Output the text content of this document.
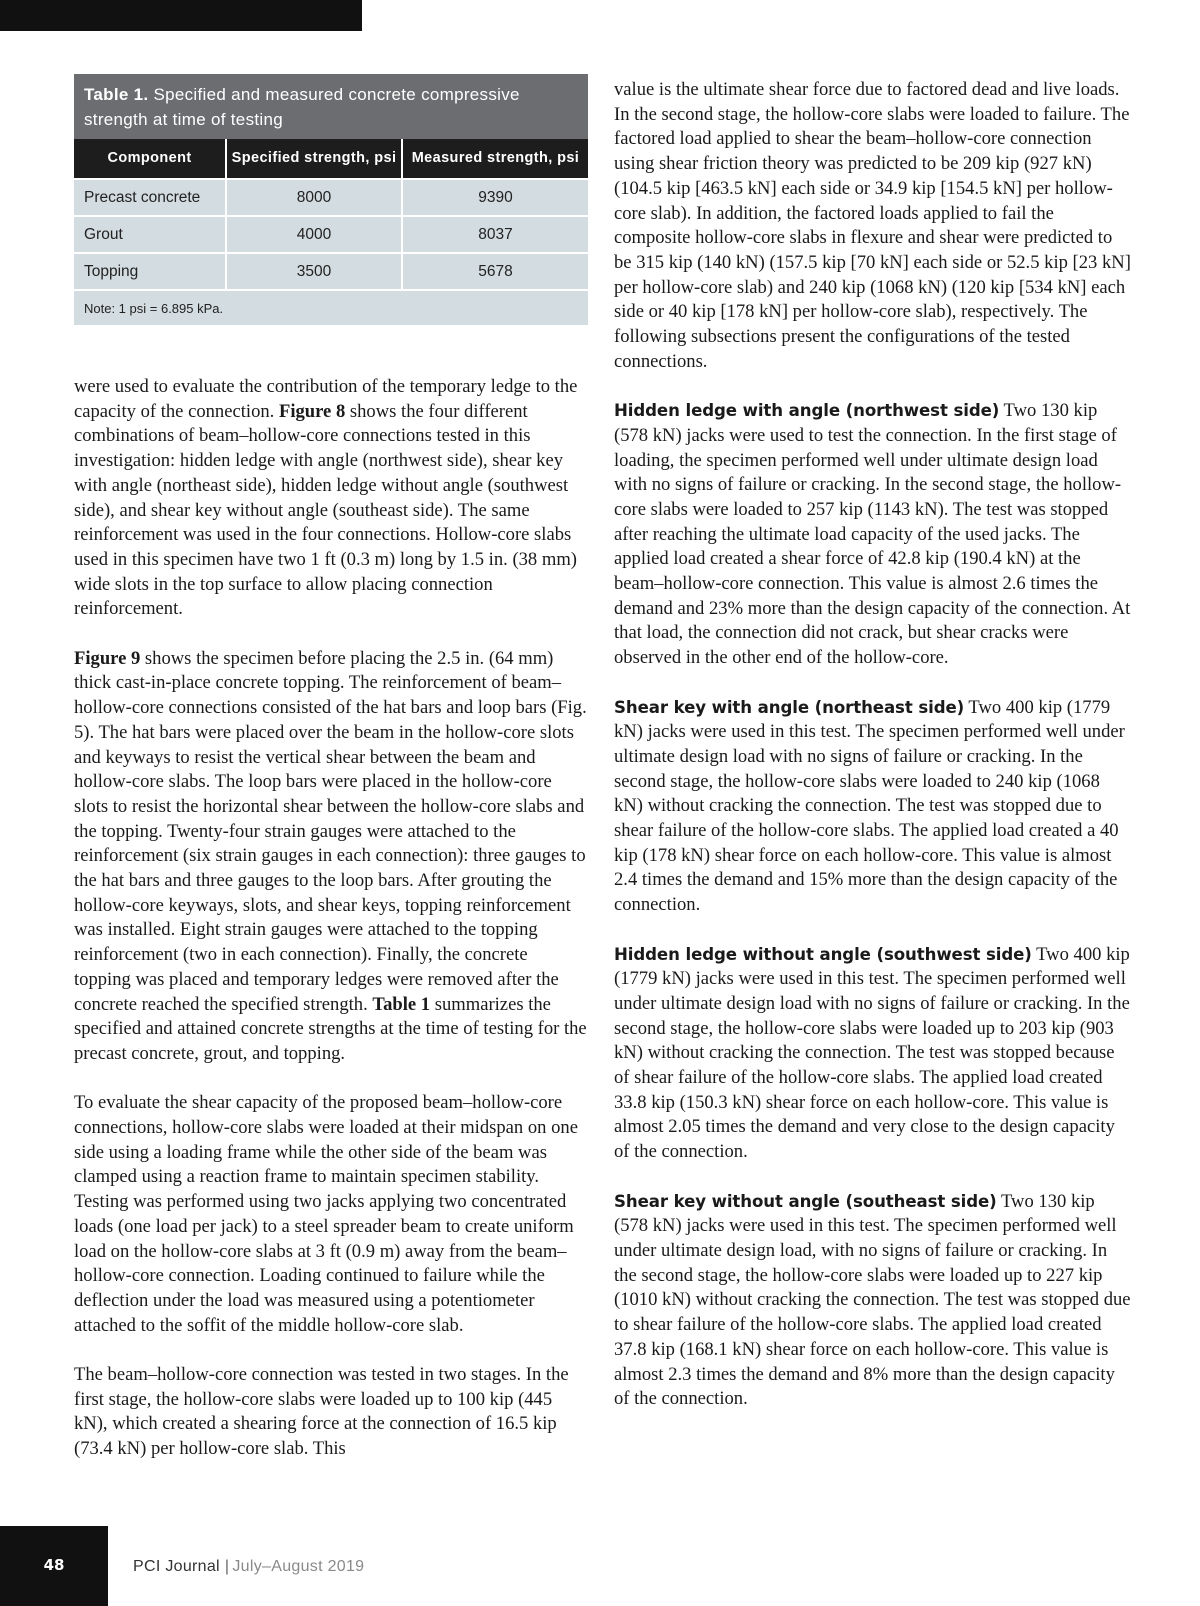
Table 1. Specified and measured concrete compressive strength at time of testing
Component	Specified strength, psi	Measured strength, psi
Precast concrete	8000	9390
Grout	4000	8037
Topping	3500	5678
Note: 1 psi = 6.895 kPa.		

were used to evaluate the contribution of the temporary ledge to the capacity of the connection. Figure 8 shows the four different combinations of beam–hollow-core connections tested in this investigation: hidden ledge with angle (northwest side), shear key with angle (northeast side), hidden ledge without angle (southwest side), and shear key without angle (southeast side). The same reinforcement was used in the four connections. Hollow-core slabs used in this specimen have two 1 ft (0.3 m) long by 1.5 in. (38 mm) wide slots in the top surface to allow placing connection reinforcement.

Figure 9 shows the specimen before placing the 2.5 in. (64 mm) thick cast-in-place concrete topping. The reinforcement of beam–hollow-core connections consisted of the hat bars and loop bars (Fig. 5). The hat bars were placed over the beam in the hollow-core slots and keyways to resist the vertical shear between the beam and hollow-core slabs. The loop bars were placed in the hollow-core slots to resist the horizontal shear between the hollow-core slabs and the topping. Twenty-four strain gauges were attached to the reinforcement (six strain gauges in each connection): three gauges to the hat bars and three gauges to the loop bars. After grouting the hollow-core keyways, slots, and shear keys, topping reinforcement was installed. Eight strain gauges were attached to the topping reinforcement (two in each connection). Finally, the concrete topping was placed and temporary ledges were removed after the concrete reached the specified strength. Table 1 summarizes the specified and attained concrete strengths at the time of testing for the precast concrete, grout, and topping.

To evaluate the shear capacity of the proposed beam–hollow-core connections, hollow-core slabs were loaded at their midspan on one side using a loading frame while the other side of the beam was clamped using a reaction frame to maintain specimen stability. Testing was performed using two jacks applying two concentrated loads (one load per jack) to a steel spreader beam to create uniform load on the hollow-core slabs at 3 ft (0.9 m) away from the beam–hollow-core connection. Loading continued to failure while the deflection under the load was measured using a potentiometer attached to the soffit of the middle hollow-core slab.

The beam–hollow-core connection was tested in two stages. In the first stage, the hollow-core slabs were loaded up to 100 kip (445 kN), which created a shearing force at the connection of 16.5 kip (73.4 kN) per hollow-core slab. This

value is the ultimate shear force due to factored dead and live loads. In the second stage, the hollow-core slabs were loaded to failure. The factored load applied to shear the beam–hollow-core connection using shear friction theory was predicted to be 209 kip (927 kN) (104.5 kip [463.5 kN] each side or 34.9 kip [154.5 kN] per hollow-core slab). In addition, the factored loads applied to fail the composite hollow-core slabs in flexure and shear were predicted to be 315 kip (140 kN) (157.5 kip [70 kN] each side or 52.5 kip [23 kN] per hollow-core slab) and 240 kip (1068 kN) (120 kip [534 kN] each side or 40 kip [178 kN] per hollow-core slab), respectively. The following subsections present the configurations of the tested connections.

Hidden ledge with angle (northwest side) Two 130 kip (578 kN) jacks were used to test the connection. In the first stage of loading, the specimen performed well under ultimate design load with no signs of failure or cracking. In the second stage, the hollow-core slabs were loaded to 257 kip (1143 kN). The test was stopped after reaching the ultimate load capacity of the used jacks. The applied load created a shear force of 42.8 kip (190.4 kN) at the beam–hollow-core connection. This value is almost 2.6 times the demand and 23% more than the design capacity of the connection. At that load, the connection did not crack, but shear cracks were observed in the other end of the hollow-core.

Shear key with angle (northeast side) Two 400 kip (1779 kN) jacks were used in this test. The specimen performed well under ultimate design load with no signs of failure or cracking. In the second stage, the hollow-core slabs were loaded to 240 kip (1068 kN) without cracking the connection. The test was stopped due to shear failure of the hollow-core slabs. The applied load created a 40 kip (178 kN) shear force on each hollow-core. This value is almost 2.4 times the demand and 15% more than the design capacity of the connection.

Hidden ledge without angle (southwest side) Two 400 kip (1779 kN) jacks were used in this test. The specimen performed well under ultimate design load with no signs of failure or cracking. In the second stage, the hollow-core slabs were loaded up to 203 kip (903 kN) without cracking the connection. The test was stopped because of shear failure of the hollow-core slabs. The applied load created 33.8 kip (150.3 kN) shear force on each hollow-core. This value is almost 2.05 times the demand and very close to the design capacity of the connection.

Shear key without angle (southeast side) Two 130 kip (578 kN) jacks were used in this test. The specimen performed well under ultimate design load, with no signs of failure or cracking. In the second stage, the hollow-core slabs were loaded up to 227 kip (1010 kN) without cracking the connection. The test was stopped due to shear failure of the hollow-core slabs. The applied load created 37.8 kip (168.1 kN) shear force on each hollow-core. This value is almost 2.3 times the demand and 8% more than the design capacity of the connection.

48	PCI Journal | July–August 2019
